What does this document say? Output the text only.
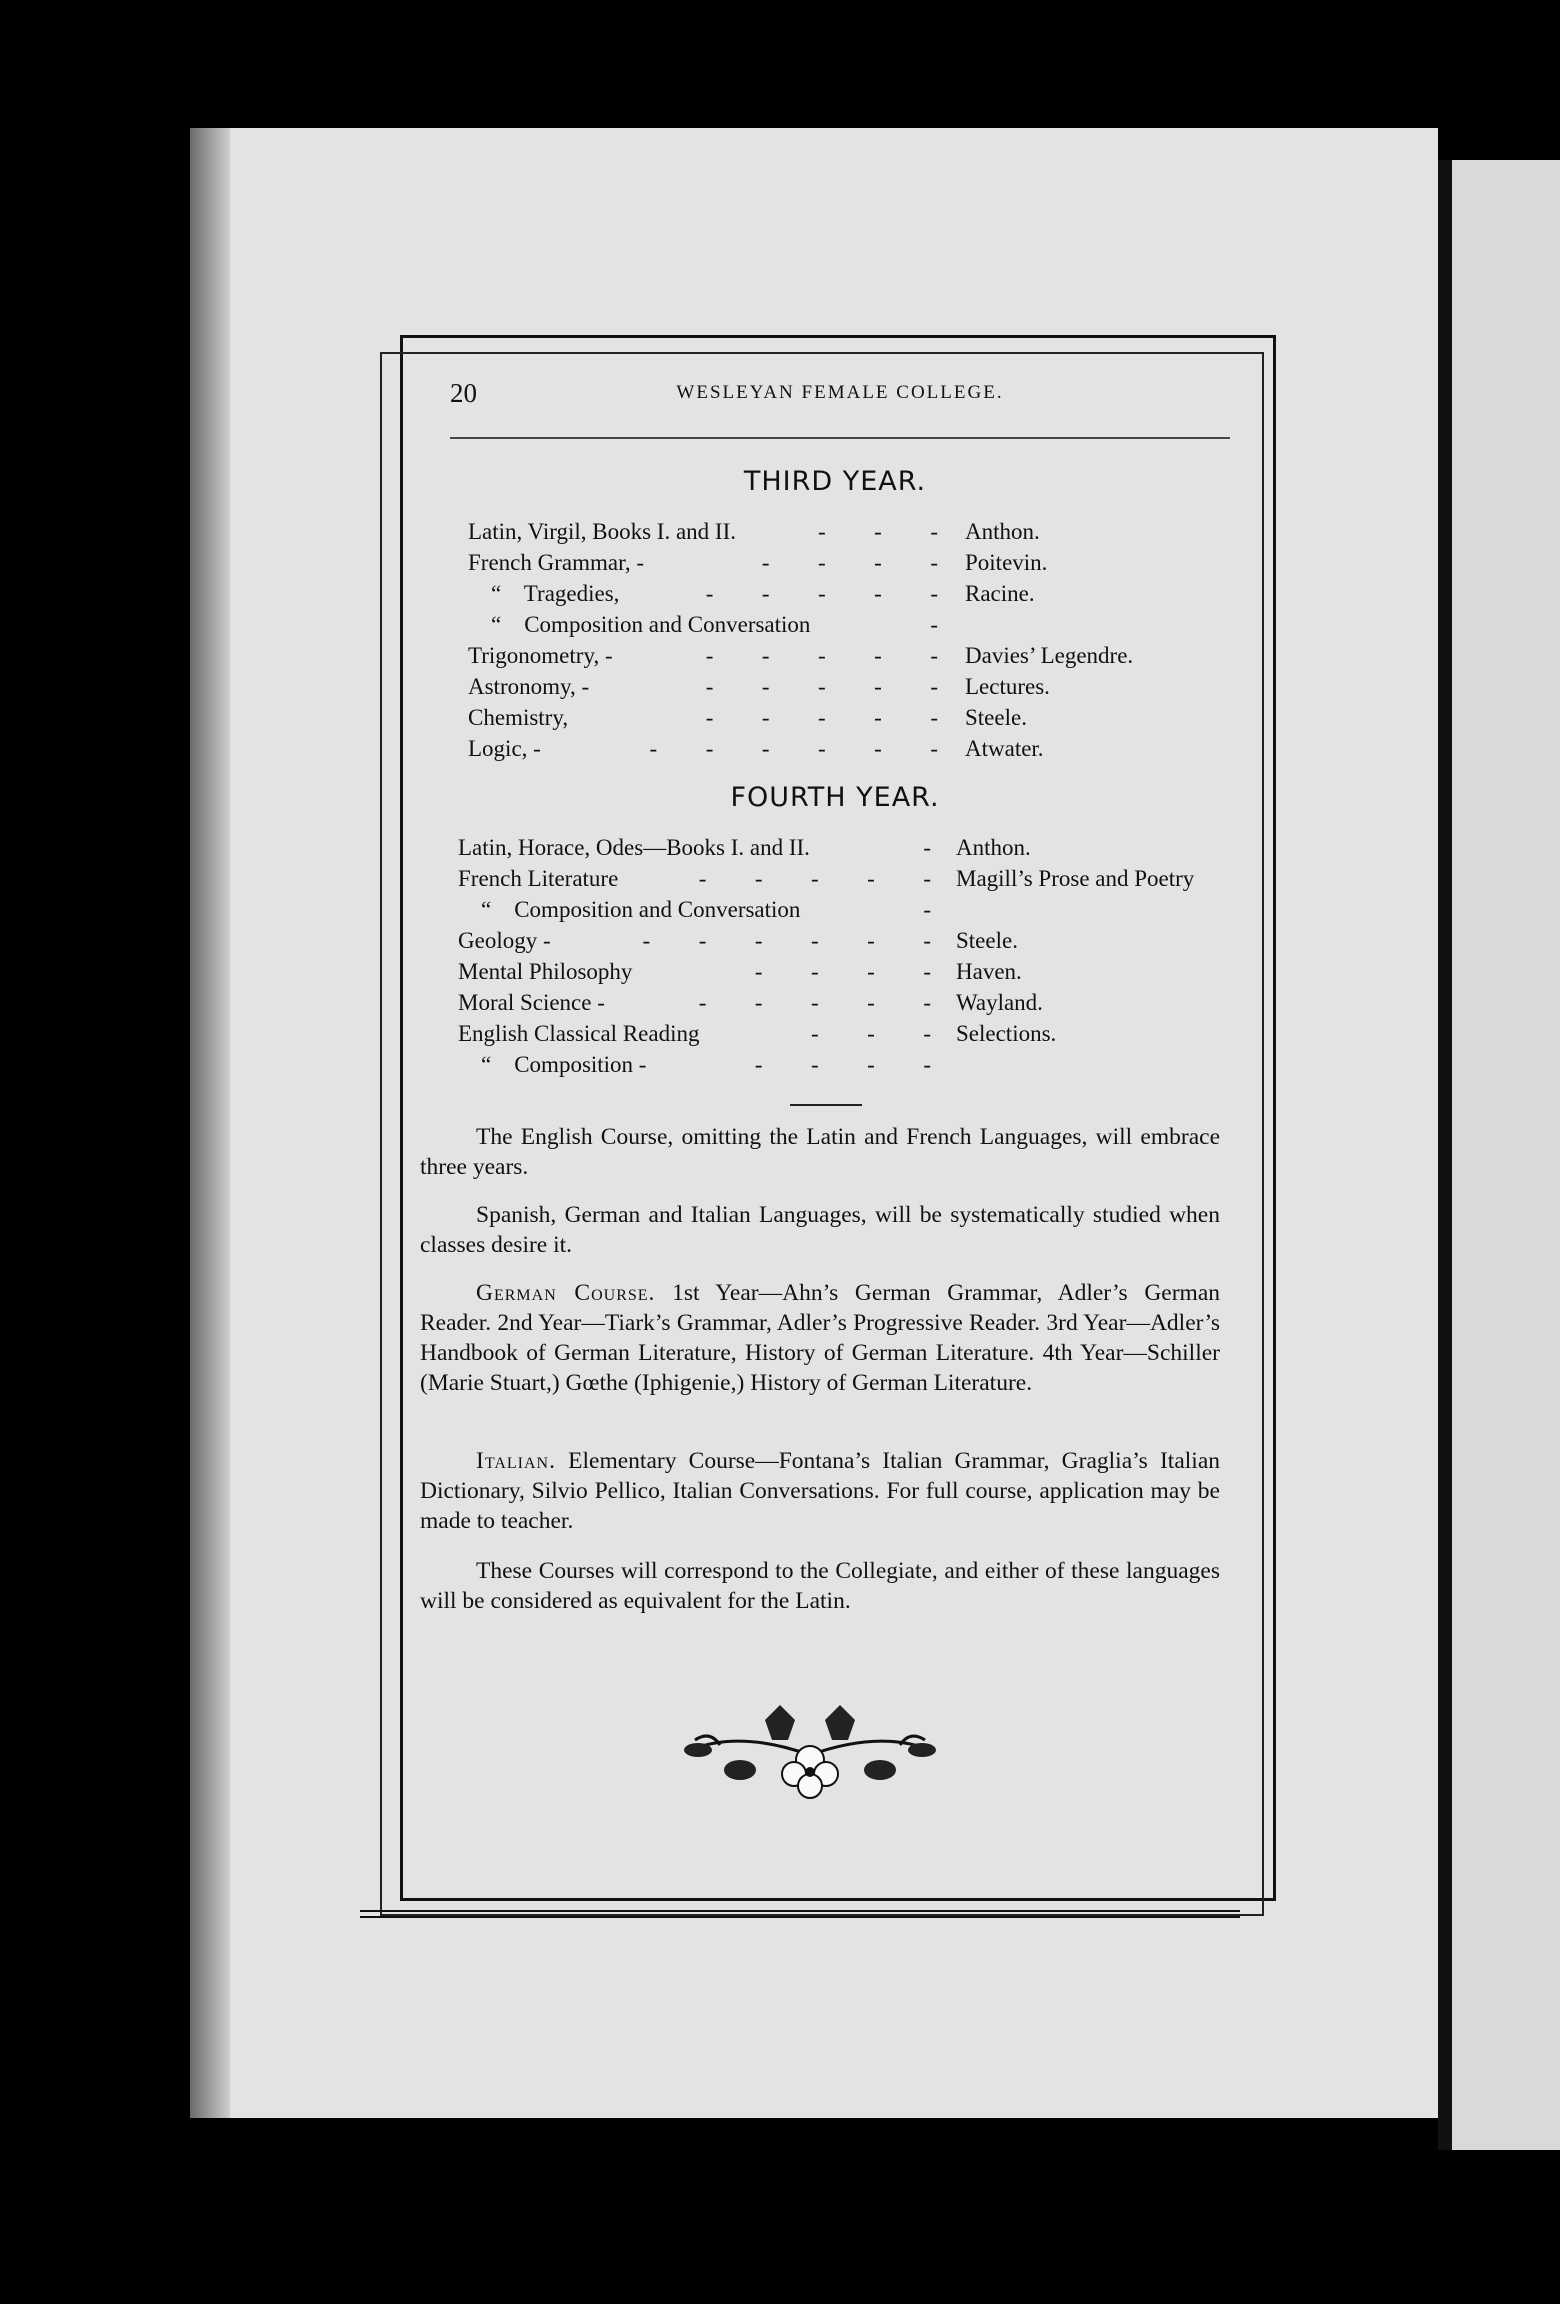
20	WESLEYAN FEMALE COLLEGE.
THIRD YEAR.
Latin, Virgil, Books I. and II.	-      -      - Anthon.
French Grammar, -	-      -      -      - Poitevin.
“    Tragedies,	-      -      -      -      - Racine.
“    Composition and Conversation	-
Trigonometry, -	-      -      -      -      - Davies’ Legendre.
Astronomy, -	-      -      -      -      - Lectures.
Chemistry,	-      -      -      -      - Steele.
Logic, -	-      -      -      -      -      - Atwater.
FOURTH YEAR.
Latin, Horace, Odes—Books I. and II.	- Anthon.
French Literature	-      -      -      -      - Magill’s Prose and Poetry
“    Composition and Conversation	-
Geology -	-      -      -      -      -      - Steele.
Mental Philosophy	-      -      -      - Haven.
Moral Science -	-      -      -      -      - Wayland.
English Classical Reading	-      -      - Selections.
“    Composition -	-      -      -      -
The English Course, omitting the Latin and French Languages, will embrace three years.
Spanish, German and Italian Languages, will be systematically studied when classes desire it.
German Course. 1st Year—Ahn’s German Grammar, Adler’s German Reader. 2nd Year—Tiark’s Grammar, Adler’s Progressive Reader. 3rd Year—Adler’s Handbook of German Literature, History of German Literature. 4th Year—Schiller (Marie Stuart,) Gœthe (Iphigenie,) History of German Literature.
Italian. Elementary Course—Fontana’s Italian Grammar, Graglia’s Italian Dictionary, Silvio Pellico, Italian Conversations. For full course, application may be made to teacher.
These Courses will correspond to the Collegiate, and either of these languages will be considered as equivalent for the Latin.
